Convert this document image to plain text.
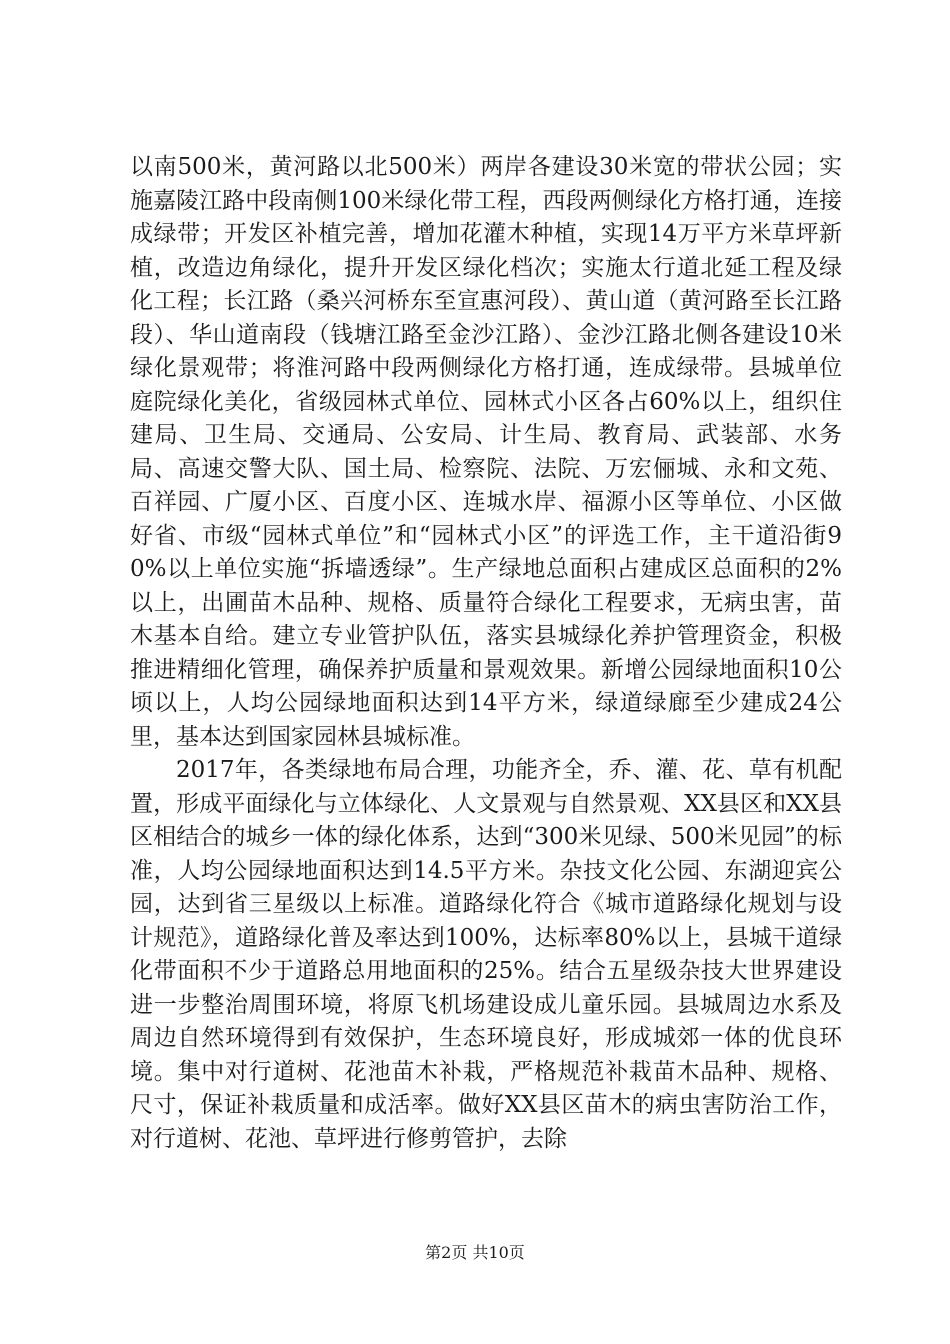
以南500米，黄河路以北500米）两岸各建设30米宽的带状公园；实施嘉陵江路中段南侧100米绿化带工程，西段两侧绿化方格打通，连接成绿带；开发区补植完善，增加花灌木种植，实现14万平方米草坪新植，改造边角绿化，提升开发区绿化档次；实施太行道北延工程及绿化工程；长江路（桑兴河桥东至宣惠河段）、黄山道（黄河路至长江路段）、华山道南段（钱塘江路至金沙江路）、金沙江路北侧各建设10米绿化景观带；将淮河路中段两侧绿化方格打通，连成绿带。县城单位庭院绿化美化，省级园林式单位、园林式小区各占60%以上，组织住建局、卫生局、交通局、公安局、计生局、教育局、武装部、水务局、高速交警大队、国土局、检察院、法院、万宏俪城、永和文苑、百祥园、广厦小区、百度小区、连城水岸、福源小区等单位、小区做好省、市级“园林式单位”和“园林式小区”的评选工作，主干道沿街90%以上单位实施“拆墙透绿”。生产绿地总面积占建成区总面积的2%以上，出圃苗木品种、规格、质量符合绿化工程要求，无病虫害，苗木基本自给。建立专业管护队伍，落实县城绿化养护管理资金，积极推进精细化管理，确保养护质量和景观效果。新增公园绿地面积10公顷以上，人均公园绿地面积达到14平方米，绿道绿廊至少建成24公里，基本达到国家园林县城标准。

2017年，各类绿地布局合理，功能齐全，乔、灌、花、草有机配置，形成平面绿化与立体绿化、人文景观与自然景观、XX县区和XX县区相结合的城乡一体的绿化体系，达到“300米见绿、500米见园”的标准，人均公园绿地面积达到14.5平方米。杂技文化公园、东湖迎宾公园，达到省三星级以上标准。道路绿化符合《城市道路绿化规划与设计规范》，道路绿化普及率达到100%，达标率80%以上，县城干道绿化带面积不少于道路总用地面积的25%。结合五星级杂技大世界建设进一步整治周围环境，将原飞机场建设成儿童乐园。县城周边水系及周边自然环境得到有效保护，生态环境良好，形成城郊一体的优良环境。集中对行道树、花池苗木补栽，严格规范补栽苗木品种、规格、尺寸，保证补栽质量和成活率。做好XX县区苗木的病虫害防治工作，对行道树、花池、草坪进行修剪管护，去除

第2页 共10页
